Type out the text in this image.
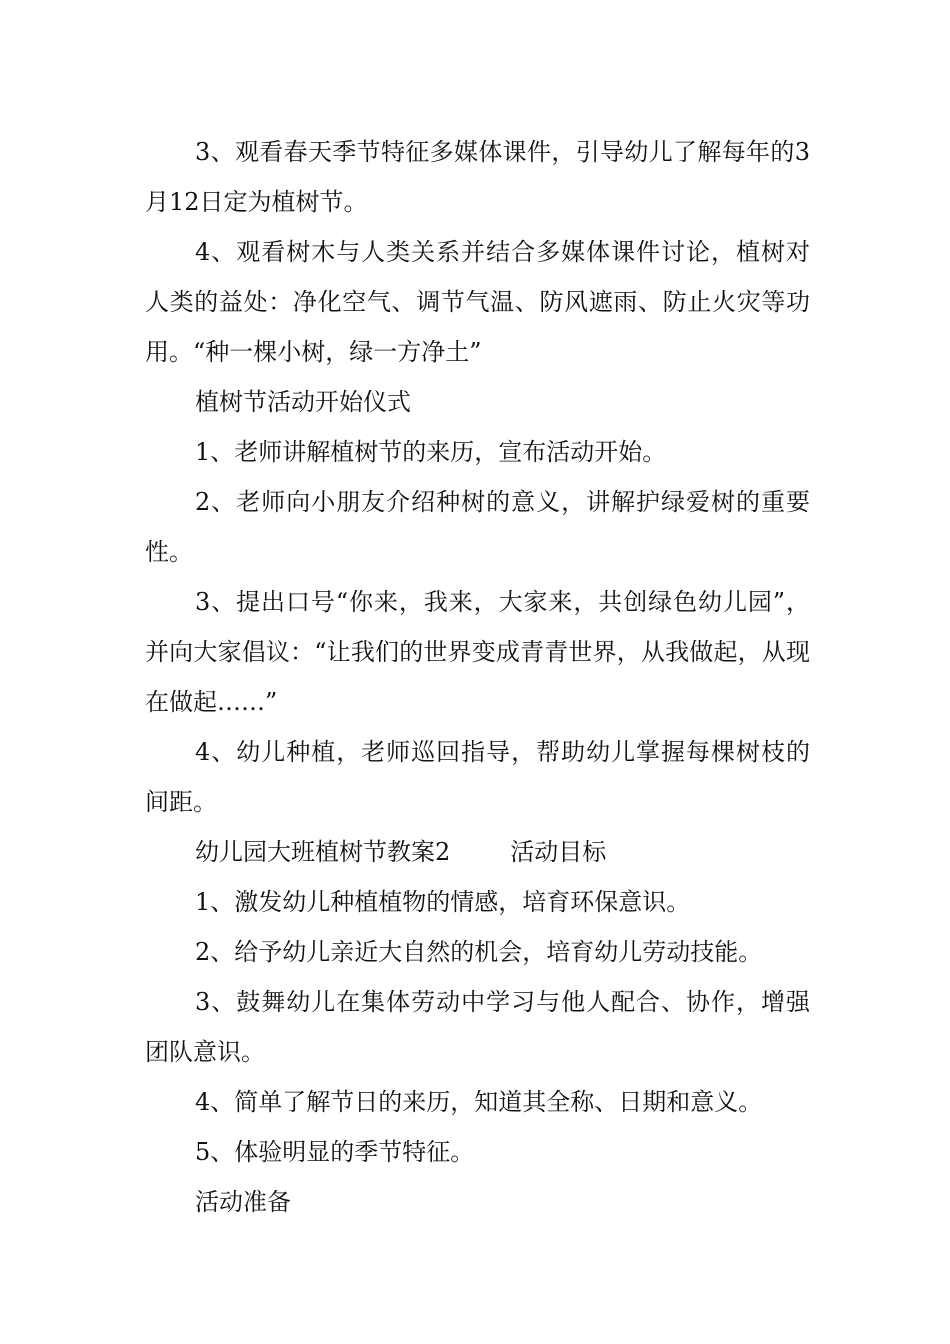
3、观看春天季节特征多媒体课件，引导幼儿了解每年的3月12日定为植树节。

4、观看树木与人类关系并结合多媒体课件讨论，植树对人类的益处：净化空气、调节气温、防风遮雨、防止火灾等功用。“种一棵小树，绿一方净土”

植树节活动开始仪式

1、老师讲解植树节的来历，宣布活动开始。

2、老师向小朋友介绍种树的意义，讲解护绿爱树的重要性。

3、提出口号“你来，我来，大家来，共创绿色幼儿园”，并向大家倡议：“让我们的世界变成青青世界，从我做起，从现在做起……”

4、幼儿种植，老师巡回指导，帮助幼儿掌握每棵树枝的间距。

幼儿园大班植树节教案2	活动目标

1、激发幼儿种植植物的情感，培育环保意识。

2、给予幼儿亲近大自然的机会，培育幼儿劳动技能。

3、鼓舞幼儿在集体劳动中学习与他人配合、协作，增强团队意识。

4、简单了解节日的来历，知道其全称、日期和意义。

5、体验明显的季节特征。

活动准备
